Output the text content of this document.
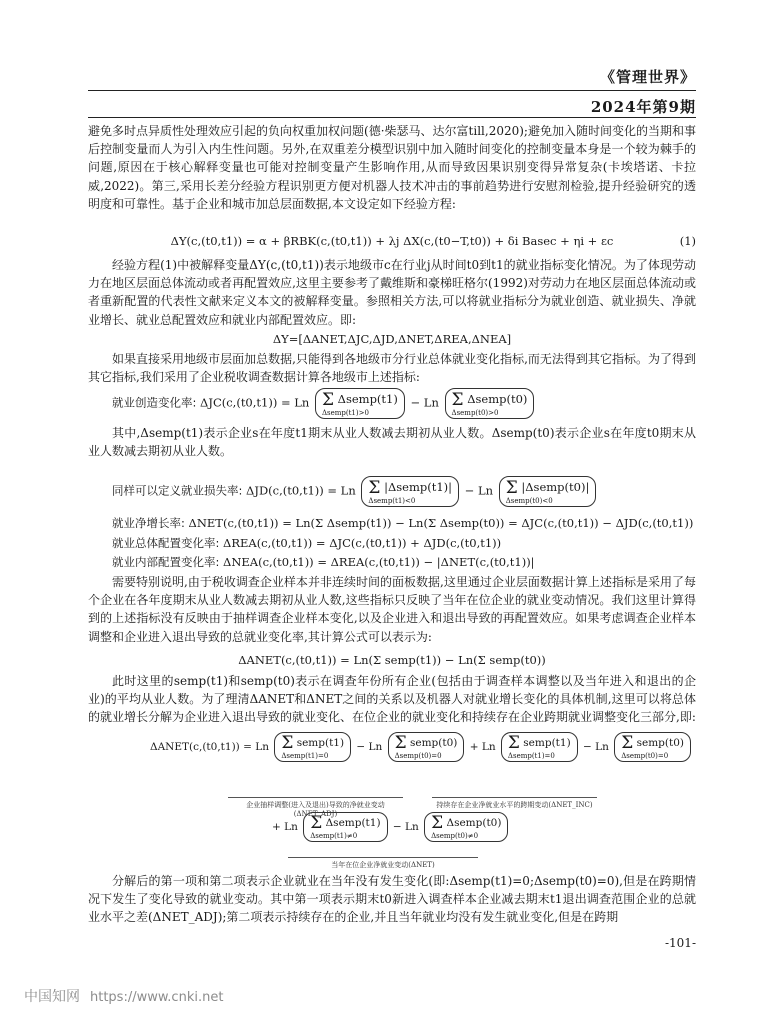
《管理世界》
2024年第9期
避免多时点异质性处理效应引起的负向权重加权问题(德·柴瑟马、达尔富till,2020);避免加入随时间变化的当期和事后控制变量而人为引入内生性问题。另外,在双重差分模型识别中加入随时间变化的控制变量本身是一个较为棘手的问题,原因在于核心解释变量也可能对控制变量产生影响作用,从而导致因果识别变得异常复杂(卡埃塔诺、卡拉威,2022)。第三,采用长差分经验方程识别更方便对机器人技术冲击的事前趋势进行安慰剂检验,提升经验研究的透明度和可靠性。基于企业和城市加总层面数据,本文设定如下经验方程:
ΔY(c,(t0,t1)) = α + βRBK(c,(t0,t1)) + λj ΔX(c,(t0−T,t0)) + δi Basec + ηi + εc	(1)
经验方程(1)中被解释变量ΔY(c,(t0,t1))表示地级市c在行业j从时间t0到t1的就业指标变化情况。为了体现劳动力在地区层面总体流动或者再配置效应,这里主要参考了戴维斯和豪梯旺格尔(1992)对劳动力在地区层面总体流动或者重新配置的代表性文献来定义本文的被解释变量。参照相关方法,可以将就业指标分为就业创造、就业损失、净就业增长、就业总配置效应和就业内部配置效应。即:
ΔY=[ΔANET,ΔJC,ΔJD,ΔNET,ΔREA,ΔNEA]
如果直接采用地级市层面加总数据,只能得到各地级市分行业总体就业变化指标,而无法得到其它指标。为了得到其它指标,我们采用了企业税收调查数据计算各地级市上述指标:
就业创造变化率: ΔJC(c,(t0,t1)) = Ln Σ Δsemp(t1)
Δsemp(t1)>0
− Ln Σ Δsemp(t0)
Δsemp(t0)>0
其中,Δsemp(t1)表示企业s在年度t1期末从业人数减去期初从业人数。Δsemp(t0)表示企业s在年度t0期末从业人数减去期初从业人数。
同样可以定义就业损失率: ΔJD(c,(t0,t1)) = Ln Σ |Δsemp(t1)|
Δsemp(t1)<0
− Ln Σ |Δsemp(t0)|
Δsemp(t0)<0
就业净增长率: ΔNET(c,(t0,t1)) = Ln(Σ Δsemp(t1)) − Ln(Σ Δsemp(t0)) = ΔJC(c,(t0,t1)) − ΔJD(c,(t0,t1))
就业总体配置变化率: ΔREA(c,(t0,t1)) = ΔJC(c,(t0,t1)) + ΔJD(c,(t0,t1))
就业内部配置变化率: ΔNEA(c,(t0,t1)) = ΔREA(c,(t0,t1)) − |ΔNET(c,(t0,t1))|
需要特别说明,由于税收调查企业样本并非连续时间的面板数据,这里通过企业层面数据计算上述指标是采用了每个企业在各年度期末从业人数减去期初从业人数,这些指标只反映了当年在位企业的就业变动情况。我们这里计算得到的上述指标没有反映由于抽样调查企业样本变化,以及企业进入和退出导致的再配置效应。如果考虑调查企业样本调整和企业进入退出导致的总就业变化率,其计算公式可以表示为:
ΔANET(c,(t0,t1)) = Ln(Σ semp(t1)) − Ln(Σ semp(t0))
此时这里的semp(t1)和semp(t0)表示在调查年份所有企业(包括由于调查样本调整以及当年进入和退出的企业)的平均从业人数。为了理清ΔANET和ΔNET之间的关系以及机器人对就业增长变化的具体机制,这里可以将总体的就业增长分解为企业进入退出导致的就业变化、在位企业的就业变化和持续存在企业跨期就业调整变化三部分,即:
ΔANET(c,(t0,t1)) = Ln Σ semp(t1)
Δsemp(t1)=0
− Ln Σ semp(t0)
Δsemp(t0)=0
+ Ln Σ semp(t1)
Δsemp(t1)=0
− Ln Σ semp(t0)
Δsemp(t0)=0
企业抽样调整(进入及退出)导致的净就业变动(ΔNET_ADJ)
持续存在企业净就业水平的跨期变动(ΔNET_INC)
+ Ln Σ Δsemp(t1)
Δsemp(t1)≠0
− Ln Σ Δsemp(t0)
Δsemp(t0)≠0
当年在位企业净就业变动(ΔNET)
分解后的第一项和第二项表示企业就业在当年没有发生变化(即:Δsemp(t1)=0;Δsemp(t0)=0),但是在跨期情况下发生了变化导致的就业变动。其中第一项表示期末t0新进入调查样本企业减去期末t1退出调查范围企业的总就业水平之差(ΔNET_ADJ);第二项表示持续存在的企业,并且当年就业均没有发生就业变化,但是在跨期
-101-
中国知网 https://www.cnki.net
